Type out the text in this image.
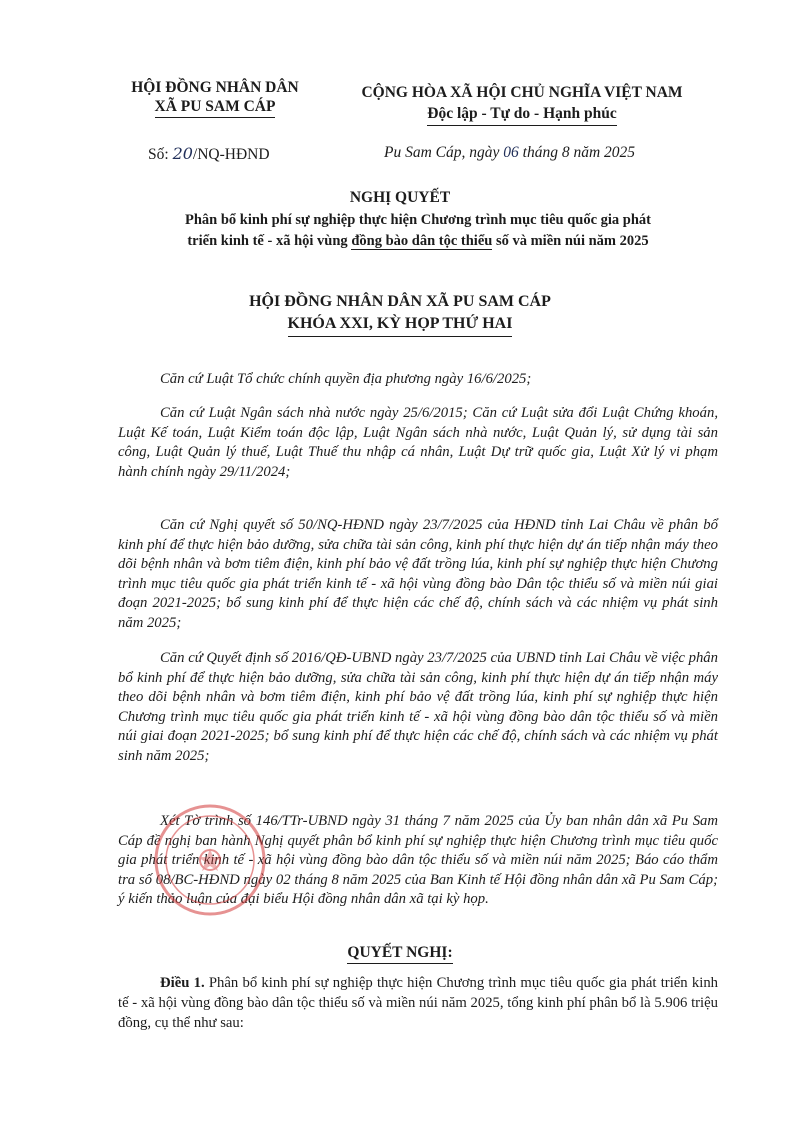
HỘI ĐỒNG NHÂN DÂN
XÃ PU SAM CÁP
CỘNG HÒA XÃ HỘI CHỦ NGHĨA VIỆT NAM
Độc lập - Tự do - Hạnh phúc
Số: 20/NQ-HĐND	Pu Sam Cáp, ngày 06 tháng 8 năm 2025
NGHỊ QUYẾT
Phân bổ kinh phí sự nghiệp thực hiện Chương trình mục tiêu quốc gia phát
triển kinh tế - xã hội vùng đồng bào dân tộc thiểu số và miền núi năm 2025
HỘI ĐỒNG NHÂN DÂN XÃ PU SAM CÁP
KHÓA XXI, KỲ HỌP THỨ HAI
Căn cứ Luật Tổ chức chính quyền địa phương ngày 16/6/2025;
Căn cứ Luật Ngân sách nhà nước ngày 25/6/2015; Căn cứ Luật sửa đổi Luật Chứng khoán, Luật Kế toán, Luật Kiểm toán độc lập, Luật Ngân sách nhà nước, Luật Quản lý, sử dụng tài sản công, Luật Quản lý thuế, Luật Thuế thu nhập cá nhân, Luật Dự trữ quốc gia, Luật Xử lý vi phạm hành chính ngày 29/11/2024;
Căn cứ Nghị quyết số 50/NQ-HĐND ngày 23/7/2025 của HĐND tỉnh Lai Châu về phân bổ kinh phí để thực hiện bảo dưỡng, sửa chữa tài sản công, kinh phí thực hiện dự án tiếp nhận máy theo dõi bệnh nhân và bơm tiêm điện, kinh phí bảo vệ đất trồng lúa, kinh phí sự nghiệp thực hiện Chương trình mục tiêu quốc gia phát triển kinh tế - xã hội vùng đồng bào Dân tộc thiểu số và miền núi giai đoạn 2021-2025; bổ sung kinh phí để thực hiện các chế độ, chính sách và các nhiệm vụ phát sinh năm 2025;
Căn cứ Quyết định số 2016/QĐ-UBND ngày 23/7/2025 của UBND tỉnh Lai Châu về việc phân bổ kinh phí để thực hiện bảo dưỡng, sửa chữa tài sản công, kinh phí thực hiện dự án tiếp nhận máy theo dõi bệnh nhân và bơm tiêm điện, kinh phí bảo vệ đất trồng lúa, kinh phí sự nghiệp thực hiện Chương trình mục tiêu quốc gia phát triển kinh tế - xã hội vùng đồng bào dân tộc thiểu số và miền núi giai đoạn 2021-2025; bổ sung kinh phí để thực hiện các chế độ, chính sách và các nhiệm vụ phát sinh năm 2025;
Xét Tờ trình số 146/TTr-UBND ngày 31 tháng 7 năm 2025 của Ủy ban nhân dân xã Pu Sam Cáp đề nghị ban hành Nghị quyết phân bổ kinh phí sự nghiệp thực hiện Chương trình mục tiêu quốc gia phát triển kinh tế - xã hội vùng đồng bào dân tộc thiểu số và miền núi năm 2025; Báo cáo thẩm tra số 08/BC-HĐND ngày 02 tháng 8 năm 2025 của Ban Kinh tế Hội đồng nhân dân xã Pu Sam Cáp; ý kiến thảo luận của đại biểu Hội đồng nhân dân xã tại kỳ họp.
QUYẾT NGHỊ:
Điều 1. Phân bổ kinh phí sự nghiệp thực hiện Chương trình mục tiêu quốc gia phát triển kinh tế - xã hội vùng đồng bào dân tộc thiểu số và miền núi năm 2025, tổng kinh phí phân bổ là 5.906 triệu đồng, cụ thể như sau:
